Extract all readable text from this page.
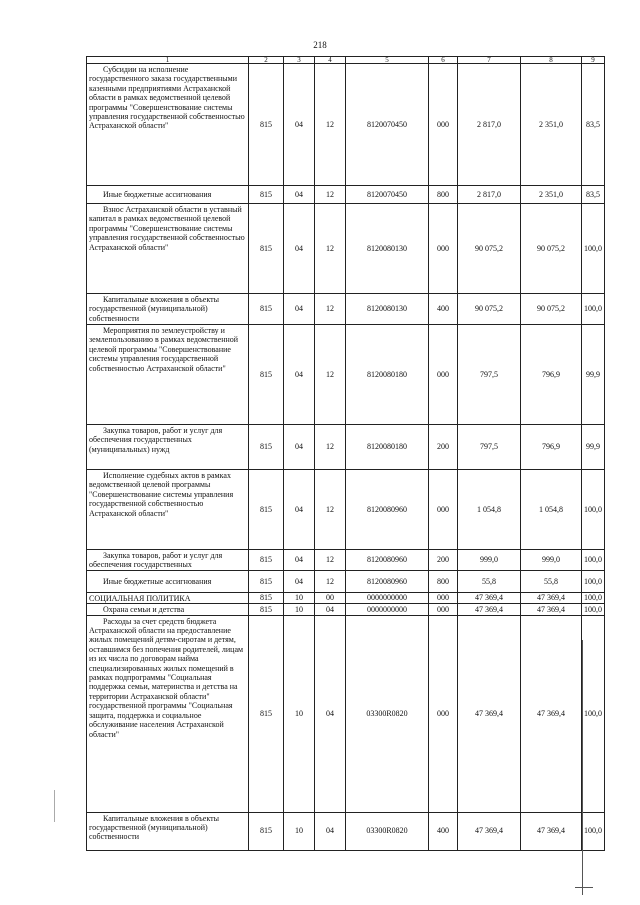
218
1	2	3	4	5	6	7	8	9
Субсидии на исполнение государственного заказа государственными казенными предприятиями Астраханской области в рамках ведомственной целевой программы "Совершенствование системы управления государственной собственностью Астраханской области"	815	04	12	8120070450	000	2 817,0	2 351,0	83,5
Иные бюджетные ассигнования	815	04	12	8120070450	800	2 817,0	2 351,0	83,5
Взнос Астраханской области в уставный капитал в рамках ведомственной целевой программы "Совершенствование системы управления государственной собственностью Астраханской области"	815	04	12	8120080130	000	90 075,2	90 075,2	100,0
Капитальные вложения в объекты государственной (муниципальной) собственности	815	04	12	8120080130	400	90 075,2	90 075,2	100,0
Мероприятия по землеустройству и землепользованию в рамках ведомственной целевой программы "Совершенствование системы управления государственной собственностью Астраханской области"	815	04	12	8120080180	000	797,5	796,9	99,9
Закупка товаров, работ и услуг для обеспечения государственных (муниципальных) нужд	815	04	12	8120080180	200	797,5	796,9	99,9
Исполнение судебных актов в рамках ведомственной целевой программы "Совершенствование системы управления государственной собственностью Астраханской области"	815	04	12	8120080960	000	1 054,8	1 054,8	100,0
Закупка товаров, работ и услуг для обеспечения государственных	815	04	12	8120080960	200	999,0	999,0	100,0
Иные бюджетные ассигнования	815	04	12	8120080960	800	55,8	55,8	100,0
СОЦИАЛЬНАЯ ПОЛИТИКА	815	10	00	0000000000	000	47 369,4	47 369,4	100,0
Охрана семьи и детства	815	10	04	0000000000	000	47 369,4	47 369,4	100,0
Расходы за счет средств бюджета Астраханской области на предоставление жилых помещений детям-сиротам и детям, оставшимся без попечения родителей, лицам из их числа по договорам найма специализированных жилых помещений в рамках подпрограммы "Социальная поддержка семьи, материнства и детства на территории Астраханской области" государственной программы "Социальная защита, поддержка и социальное обслуживание населения Астраханской области"	815	10	04	03300R0820	000	47 369,4	47 369,4	100,0
Капитальные вложения в объекты государственной (муниципальной) собственности	815	10	04	03300R0820	400	47 369,4	47 369,4	100,0
